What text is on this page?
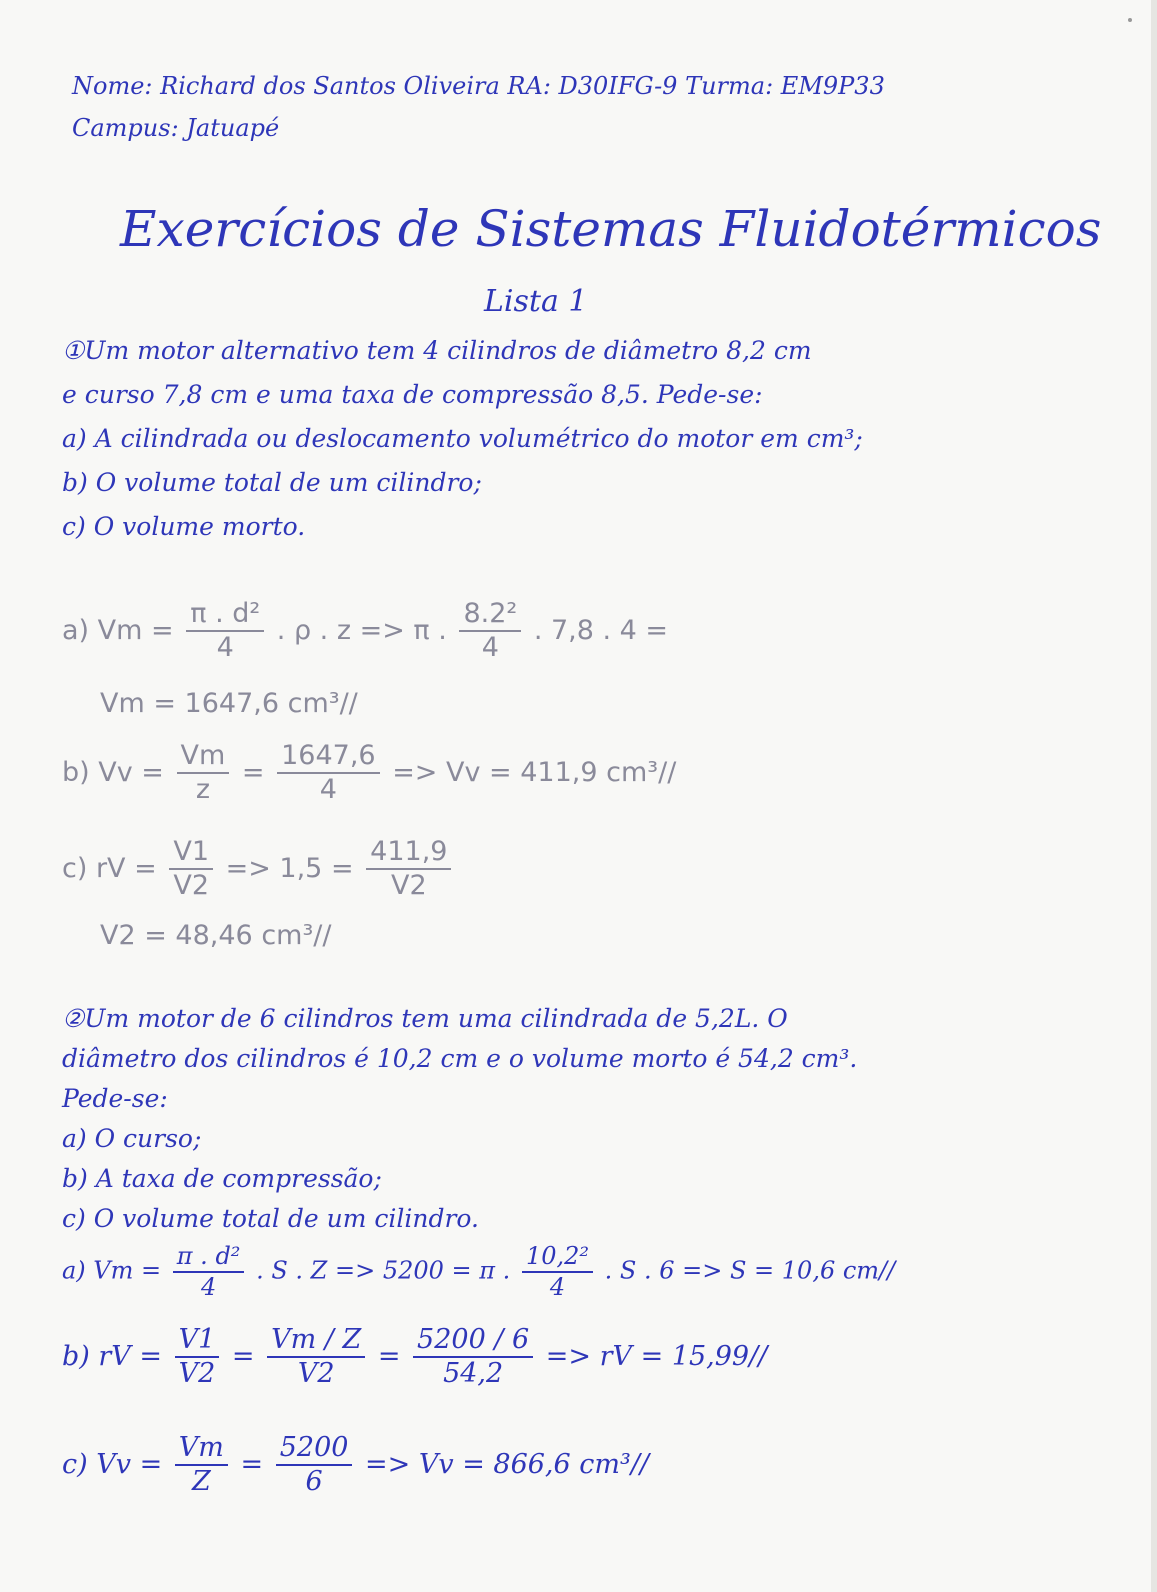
Nome: Richard dos Santos Oliveira RA: D30IFG-9 Turma: EM9P33
Campus: Jatuapé
Exercícios de Sistemas Fluidotérmicos
Lista 1
①Um motor alternativo tem 4 cilindros de diâmetro 8,2 cm
e curso 7,8 cm e uma taxa de compressão 8,5. Pede-se:
a) A cilindrada ou deslocamento volumétrico do motor em cm³;
b) O volume total de um cilindro;
c) O volume morto.
a) $Vm = \frac{\text{π . d²}}{4}$ . ρ . z => π . $\frac{\text{8.2²}}{4}$ . 7,8 . 4 =
Vm = 1647,6 cm³//
b) $Vv = \frac{Vm}{z} = \frac{1647,6}{4} => Vv = 411,9$ cm³//
c) rV = $\frac{V1}{V2} => 1,5 = \frac{411,9}{V2}$
V2 = 48,46 cm³//
②Um motor de 6 cilindros tem uma cilindrada de 5,2L. O
diâmetro dos cilindros é 10,2 cm e o volume morto é 54,2 cm³.
Pede-se:
a) O curso;
b) A taxa de compressão;
c) O volume total de um cilindro.
a) $Vm = \frac{\text{π . d²}}{4}$ . S . Z => 5200 = π . $\frac{\text{10,2²}}{4}$ . S . 6 => S = 10,6 cm//
b) rV = $\frac{V1}{V2} = \frac{Vm / Z}{V2} = \frac{5200 / 6}{54,2}$ => rV = 15,99//
c) $Vv = \frac{Vm}{Z} = \frac{5200}{6} => Vv = 866,6$ cm³//
